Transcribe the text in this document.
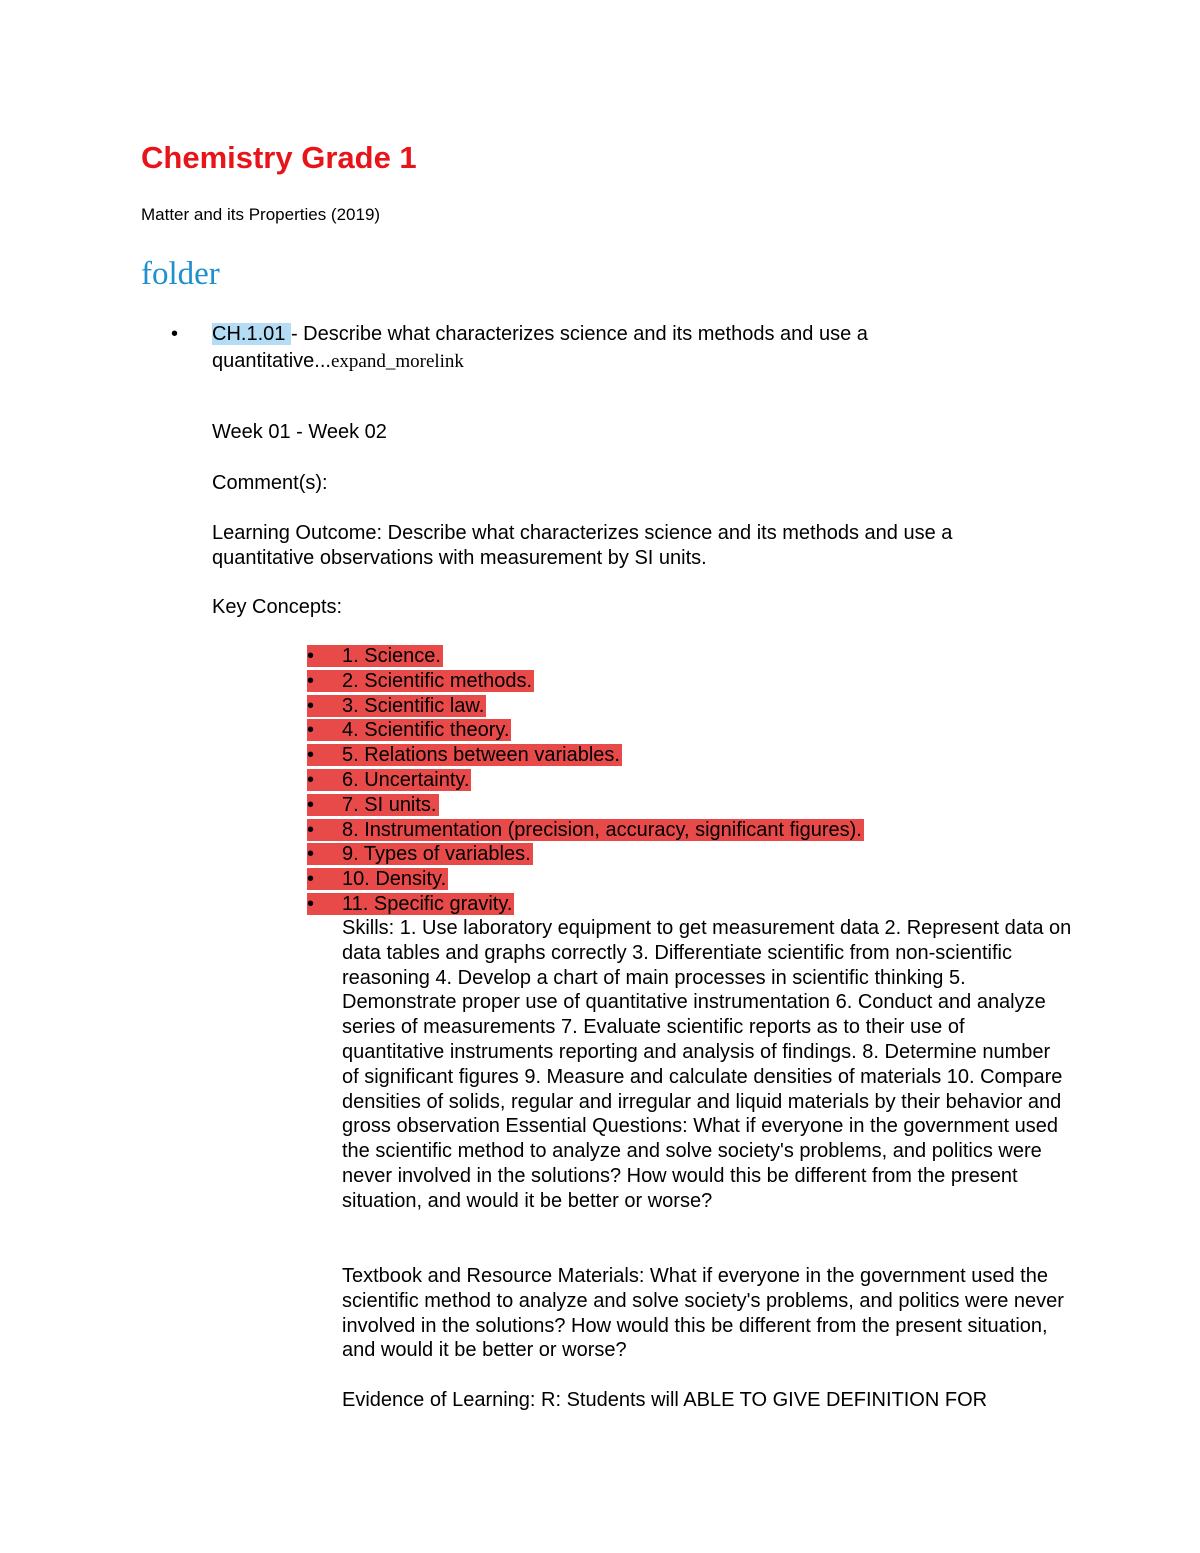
Chemistry Grade 1

Matter and its Properties (2019)

folder
• CH.1.01 - Describe what characterizes science and its methods and use a
quantitative...expand_morelink
Week 01 - Week 02
Comment(s):
Learning Outcome: Describe what characterizes science and its methods and use a
quantitative observations with measurement by SI units.
Key Concepts:
• 1. Science.
• 2. Scientific methods.
• 3. Scientific law.
• 4. Scientific theory.
• 5. Relations between variables.
• 6. Uncertainty.
• 7. SI units.
• 8. Instrumentation (precision, accuracy, significant figures).
• 9. Types of variables.
• 10. Density.
• 11. Specific gravity.

Skills: 1. Use laboratory equipment to get measurement data 2. Represent data on data tables and graphs correctly 3. Differentiate scientific from non-scientific reasoning 4. Develop a chart of main processes in scientific thinking 5. Demonstrate proper use of quantitative instrumentation 6. Conduct and analyze series of measurements 7. Evaluate scientific reports as to their use of quantitative instruments reporting and analysis of findings. 8. Determine number of significant figures 9. Measure and calculate densities of materials 10. Compare densities of solids, regular and irregular and liquid materials by their behavior and gross observation Essential Questions: What if everyone in the government used the scientific method to analyze and solve society's problems, and politics were never involved in the solutions? How would this be different from the present situation, and would it be better or worse?

Textbook and Resource Materials: What if everyone in the government used the scientific method to analyze and solve society's problems, and politics were never involved in the solutions? How would this be different from the present situation, and would it be better or worse?

Evidence of Learning: R: Students will ABLE TO GIVE DEFINITION FOR
